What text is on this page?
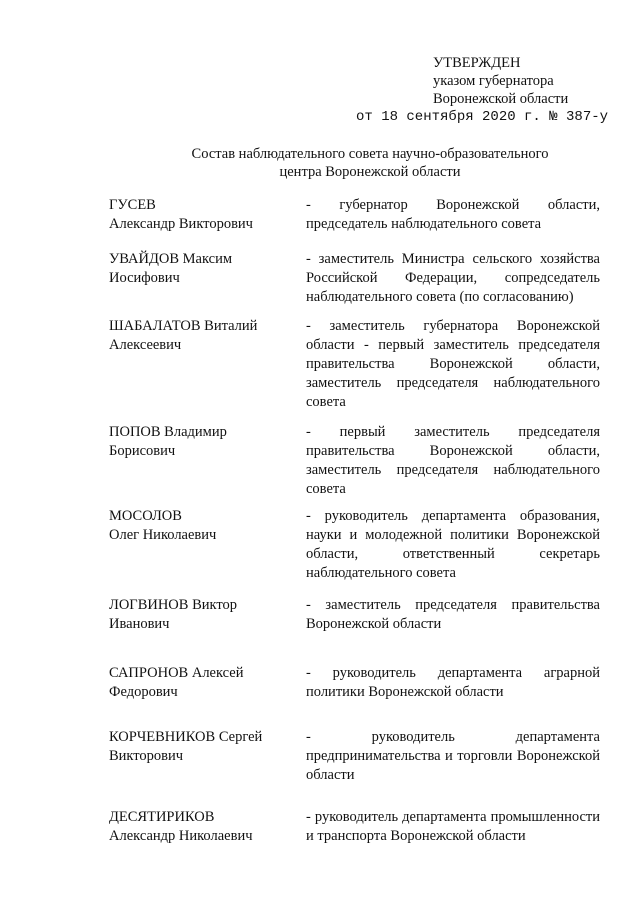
УТВЕРЖДЕН
указом губернатора
Воронежской области
от 18 сентября 2020 г. № 387-у
Состав наблюдательного совета научно-образовательного
центра Воронежской области
ГУСЕВ
Александр Викторович
- губернатор Воронежской области, председатель наблюдательного совета
УВАЙДОВ Максим
Иосифович
- заместитель Министра сельского хозяйства Российской Федерации, сопредседатель наблюдательного совета (по согласованию)
ШАБАЛАТОВ Виталий
Алексеевич
- заместитель губернатора Воронежской области - первый заместитель председателя правительства Воронежской области, заместитель председателя наблюдательного совета
ПОПОВ Владимир
Борисович
- первый заместитель председателя правительства Воронежской области, заместитель председателя наблюдательного совета
МОСОЛОВ
Олег Николаевич
- руководитель департамента образования, науки и молодежной политики Воронежской области, ответственный секретарь наблюдательного совета
ЛОГВИНОВ Виктор
Иванович
- заместитель председателя правительства Воронежской области
САПРОНОВ Алексей
Федорович
- руководитель департамента аграрной политики Воронежской области
КОРЧЕВНИКОВ Сергей
Викторович
- руководитель департамента предпринимательства и торговли Воронежской области
ДЕСЯТИРИКОВ
Александр Николаевич
- руководитель департамента промышленности и транспорта Воронежской области
